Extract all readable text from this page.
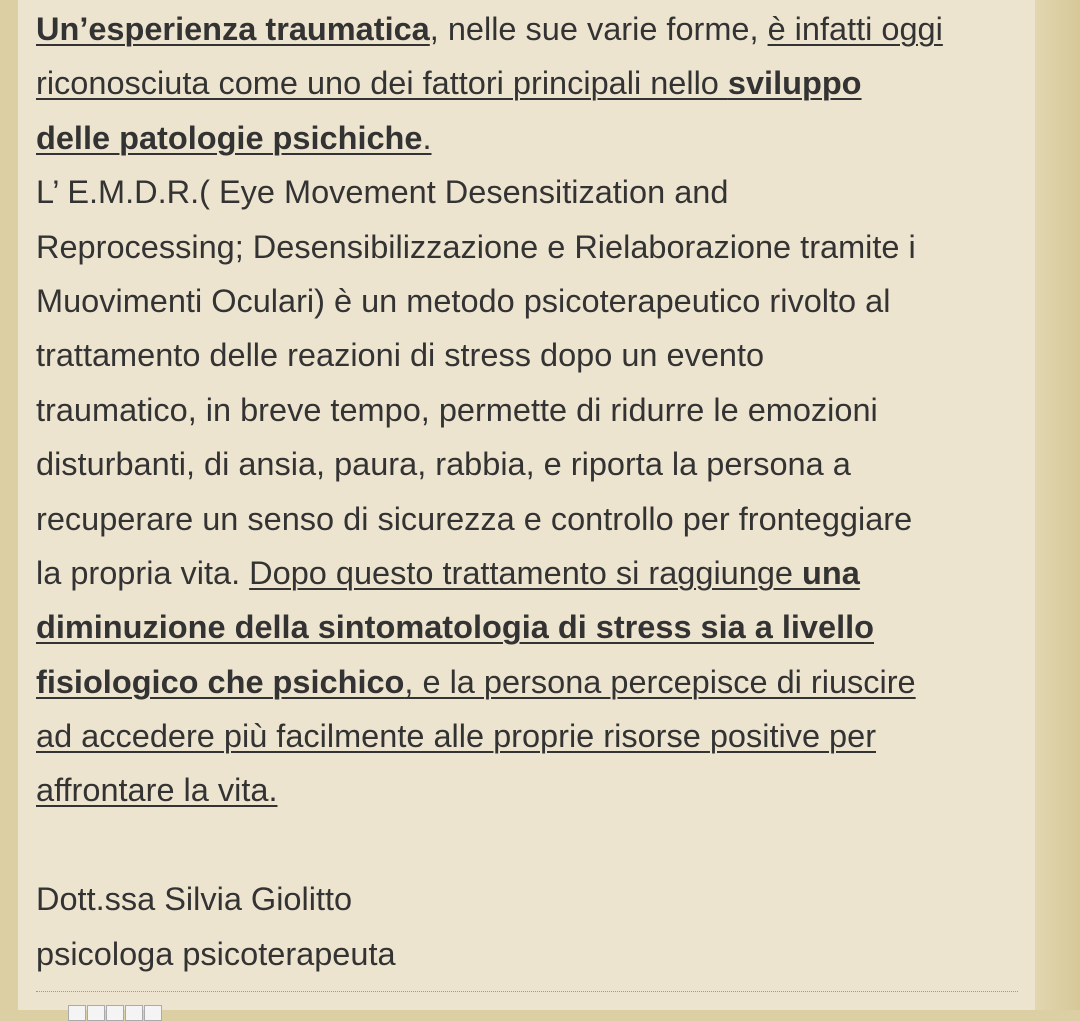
Un’esperienza traumatica, nelle sue varie forme, è infatti oggi
riconosciuta come uno dei fattori principali nello sviluppo
delle patologie psichiche.
L’ E.M.D.R.( Eye Movement Desensitization and
Reprocessing; Desensibilizzazione e Rielaborazione tramite i
Muovimenti Oculari) è un metodo psicoterapeutico rivolto al
trattamento delle reazioni di stress dopo un evento
traumatico, in breve tempo, permette di ridurre le emozioni
disturbanti, di ansia, paura, rabbia, e riporta la persona a
recuperare un senso di sicurezza e controllo per fronteggiare
la propria vita. Dopo questo trattamento si raggiunge una
diminuzione della sintomatologia di stress sia a livello
fisiologico che psichico, e la persona percepisce di riuscire
ad accedere più facilmente alle proprie risorse positive per
affrontare la vita.
Dott.ssa Silvia Giolitto
psicologa psicoterapeuta
